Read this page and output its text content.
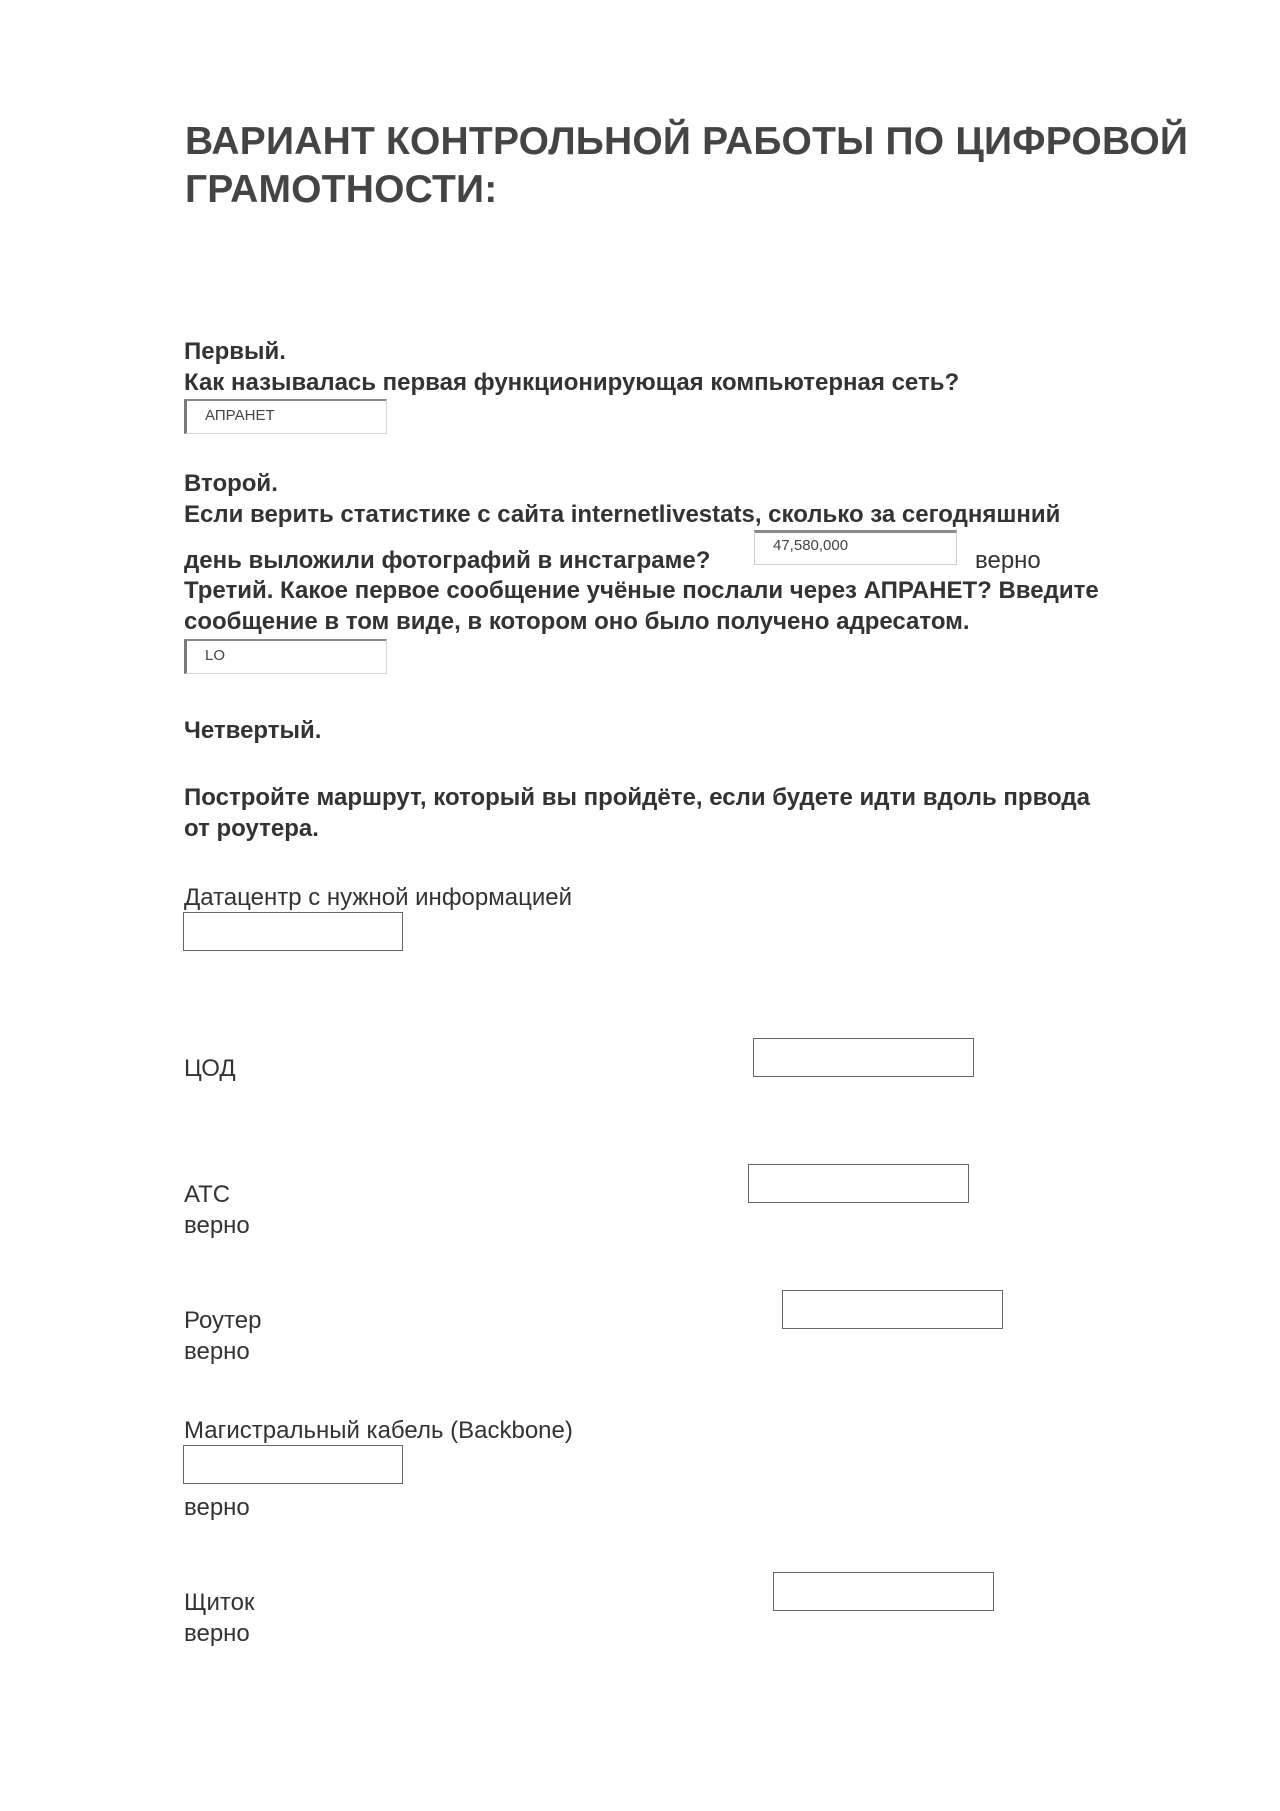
ВАРИАНТ КОНТРОЛЬНОЙ РАБОТЫ ПО ЦИФРОВОЙ ГРАМОТНОСТИ:
Первый.
Как называлась первая функционирующая компьютерная сеть?
АПРАНЕТ
Второй.
Если верить статистике с сайта internetlivestats, сколько за сегодняшний
день выложили фотографий в инстаграме?
47,580,000
верно
Третий. Какое первое сообщение учёные послали через АПРАНЕТ? Введите
сообщение в том виде, в котором оно было получено адресатом.
LO
Четвертый.
Постройте маршрут, который вы пройдёте, если будете идти вдоль првода
от роутера.
Датацентр с нужной информацией
ЦОД
АТС
верно
Роутер
верно
Магистральный кабель (Backbone)
верно
Щиток
верно
